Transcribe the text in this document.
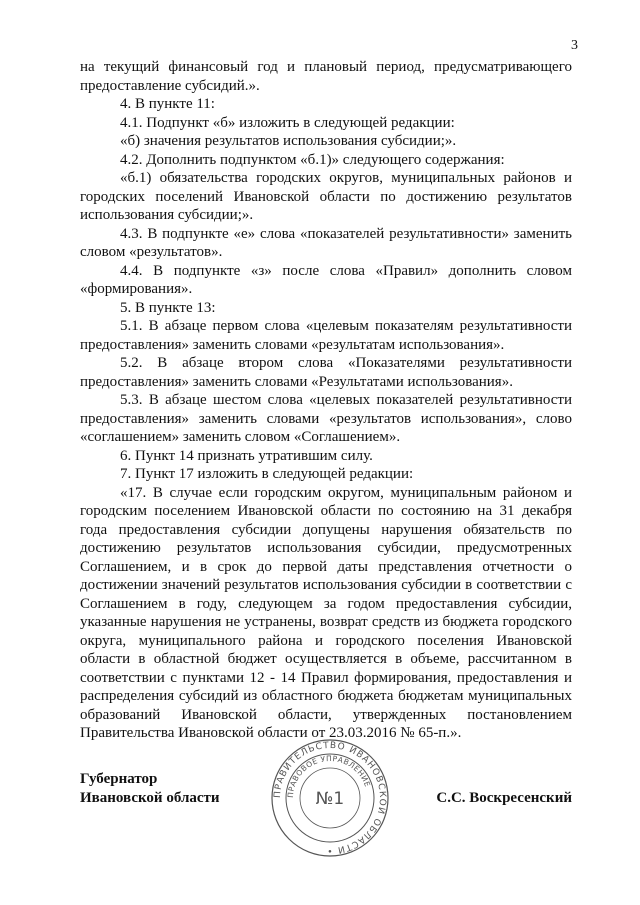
3

на текущий финансовый год и плановый период, предусматривающего предоставление субсидий.».

4. В пункте 11:

4.1. Подпункт «б» изложить в следующей редакции:

«б) значения результатов использования субсидии;».

4.2. Дополнить подпунктом «б.1)» следующего содержания:

«б.1) обязательства городских округов, муниципальных районов и городских поселений Ивановской области по достижению результатов использования субсидии;».

4.3. В подпункте «е» слова «показателей результативности» заменить словом «результатов».

4.4. В подпункте «з» после слова «Правил» дополнить словом «формирования».

5. В пункте 13:

5.1. В абзаце первом слова «целевым показателям результативности предоставления» заменить словами «результатам использования».

5.2. В абзаце втором слова «Показателями результативности предоставления» заменить словами «Результатами использования».

5.3. В абзаце шестом слова «целевых показателей результативности предоставления» заменить словами «результатов использования», слово «соглашением» заменить словом «Соглашением».

6. Пункт 14 признать утратившим силу.

7. Пункт 17 изложить в следующей редакции:

«17. В случае если городским округом, муниципальным районом и городским поселением Ивановской области по состоянию на 31 декабря года предоставления субсидии допущены нарушения обязательств по достижению результатов использования субсидии, предусмотренных Соглашением, и в срок до первой даты представления отчетности о достижении значений результатов использования субсидии в соответствии с Соглашением в году, следующем за годом предоставления субсидии, указанные нарушения не устранены, возврат средств из бюджета городского округа, муниципального района и городского поселения Ивановской области в областной бюджет осуществляется в объеме, рассчитанном в соответствии с пунктами 12 - 14 Правил формирования, предоставления и распределения субсидий из областного бюджета бюджетам муниципальных образований Ивановской области, утвержденных постановлением Правительства Ивановской области от 23.03.2016 № 65-п.».

Губернатор
Ивановской области	С.С. Воскресенский
ПРАВИТЕЛЬСТВО ИВАНОВСКОЙ ОБЛАСТИ •
ПРАВОВОЕ УПРАВЛЕНИЕ
№1
